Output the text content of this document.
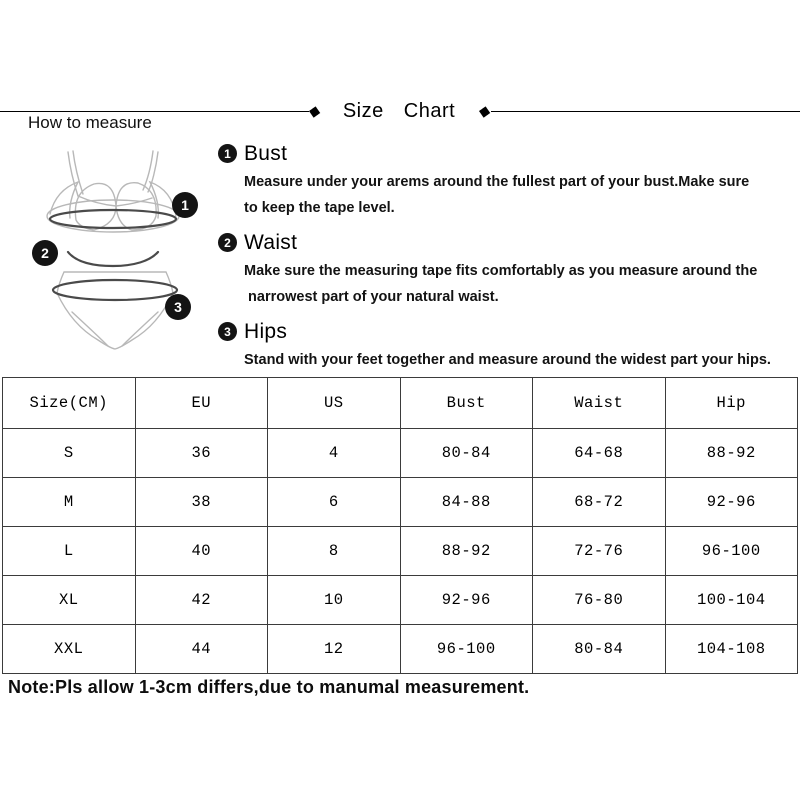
◆ Size Chart ◆
How to measure
1
2
3
1 Bust

Measure under your arems around the fullest part of your bust.Make sure
to keep the tape level.

2 Waist

Make sure the measuring tape fits comfortably as you measure around the
narrowest part of your natural waist.

3 Hips

Stand with your feet together and measure around the widest part your hips.

Size(CM)	EU	US	Bust	Waist	Hip
S	36	4	80-84	64-68	88-92
M	38	6	84-88	68-72	92-96
L	40	8	88-92	72-76	96-100
XL	42	10	92-96	76-80	100-104
XXL	44	12	96-100	80-84	104-108
Note:Pls allow 1-3cm differs,due to manumal measurement.
